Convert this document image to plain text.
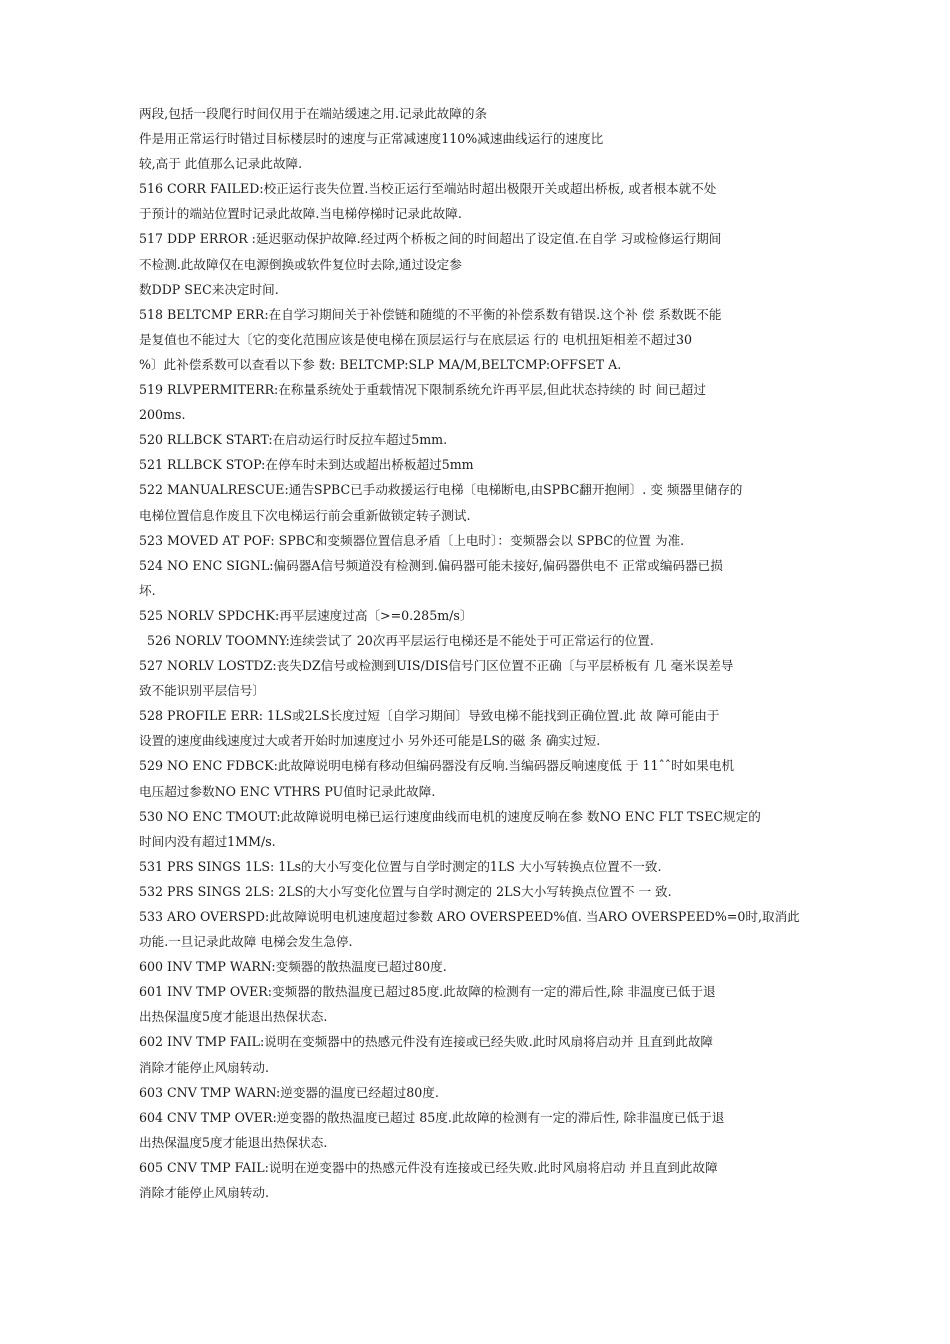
两段,包括一段爬行时间仅用于在端站缓速之用.记录此故障的条
件是用正常运行时错过目标楼层时的速度与正常减速度110%减速曲线运行的速度比
较,高于 此值那么记录此故障.
516 CORR FAILED:校正运行丧失位置.当校正运行至端站时超出极限开关或超出桥板, 或者根本就不处
于预计的端站位置时记录此故障.当电梯停梯时记录此故障.
517 DDP ERROR :延迟驱动保护故障.经过两个桥板之间的时间超出了设定值.在自学 习或检修运行期间
不检测.此故障仅在电源倒换或软件复位时去除,通过设定参
数DDP SEC来决定时间.
518 BELTCMP ERR:在自学习期间关于补偿链和随缆的不平衡的补偿系数有错误.这个补 偿 系数既不能
是复值也不能过大〔它的变化范围应该是使电梯在顶层运行与在底层运 行的 电机扭矩相差不超过30
%〕此补偿系数可以查看以下参 数: BELTCMP:SLP MA/M,BELTCMP:OFFSET A.
519 RLVPERMITERR:在称量系统处于重载情况下限制系统允许再平层,但此状态持续的 时 间已超过
200ms.
520 RLLBCK START:在启动运行时反拉车超过5mm.
521 RLLBCK STOP:在停车时未到达或超出桥板超过5mm
522 MANUALRESCUE:通告SPBC已手动救援运行电梯〔电梯断电,由SPBC翻开抱闸〕. 变 频器里储存的
电梯位置信息作废且下次电梯运行前会重新做锁定转子测试.
523 MOVED AT POF: SPBC和变频器位置信息矛盾〔上电时〕：变频器会以 SPBC的位置 为准.
524 NO ENC SIGNL:偏码器A信号频道没有检测到.偏码器可能未接好,偏码器供电不 正常或编码器已损
坏.
525 NORLV SPDCHK:再平层速度过高〔>=0.285m/s〕
526 NORLV TOOMNY:连续尝试了 20次再平层运行电梯还是不能处于可正常运行的位置.
527 NORLV LOSTDZ:丧失DZ信号或检测到UIS/DIS信号门区位置不正确〔与平层桥板有 几 毫米误差导
致不能识别平层信号〕
528 PROFILE ERR: 1LS或2LS长度过短〔自学习期间〕导致电梯不能找到正确位置.此 故 障可能由于
设置的速度曲线速度过大或者开始时加速度过小 另外还可能是LS的磁 条 确实过短.
529 NO ENC FDBCK:此故障说明电梯有移动但编码器没有反响.当编码器反响速度低 于 11ˆˆ时如果电机
电压超过参数NO ENC VTHRS PU值时记录此故障.
530 NO ENC TMOUT:此故障说明电梯已运行速度曲线而电机的速度反响在参 数NO ENC FLT TSEC规定的
时间内没有超过1MM/s.
531 PRS SINGS 1LS: 1Ls的大小写变化位置与自学时测定的1LS 大小写转换点位置不一致.
532 PRS SINGS 2LS: 2LS的大小写变化位置与自学时测定的 2LS大小写转换点位置不 一 致.
533 ARO OVERSPD:此故障说明电机速度超过参数 ARO OVERSPEED%值. 当ARO OVERSPEED%=0时,取消此
功能.一旦记录此故障 电梯会发生急停.
600 INV TMP WARN:变频器的散热温度已超过80度.
601 INV TMP OVER:变频器的散热温度已超过85度.此故障的检测有一定的滞后性,除 非温度已低于退
出热保温度5度才能退出热保状态.
602 INV TMP FAIL:说明在变频器中的热感元件没有连接或已经失败.此时风扇将启动并 且直到此故障
消除才能停止风扇转动.
603 CNV TMP WARN:逆变器的温度已经超过80度.
604 CNV TMP OVER:逆变器的散热温度已超过 85度.此故障的检测有一定的滞后性, 除非温度已低于退
出热保温度5度才能退出热保状态.
605 CNV TMP FAIL:说明在逆变器中的热感元件没有连接或已经失败.此时风扇将启动 并且直到此故障
消除才能停止风扇转动.
